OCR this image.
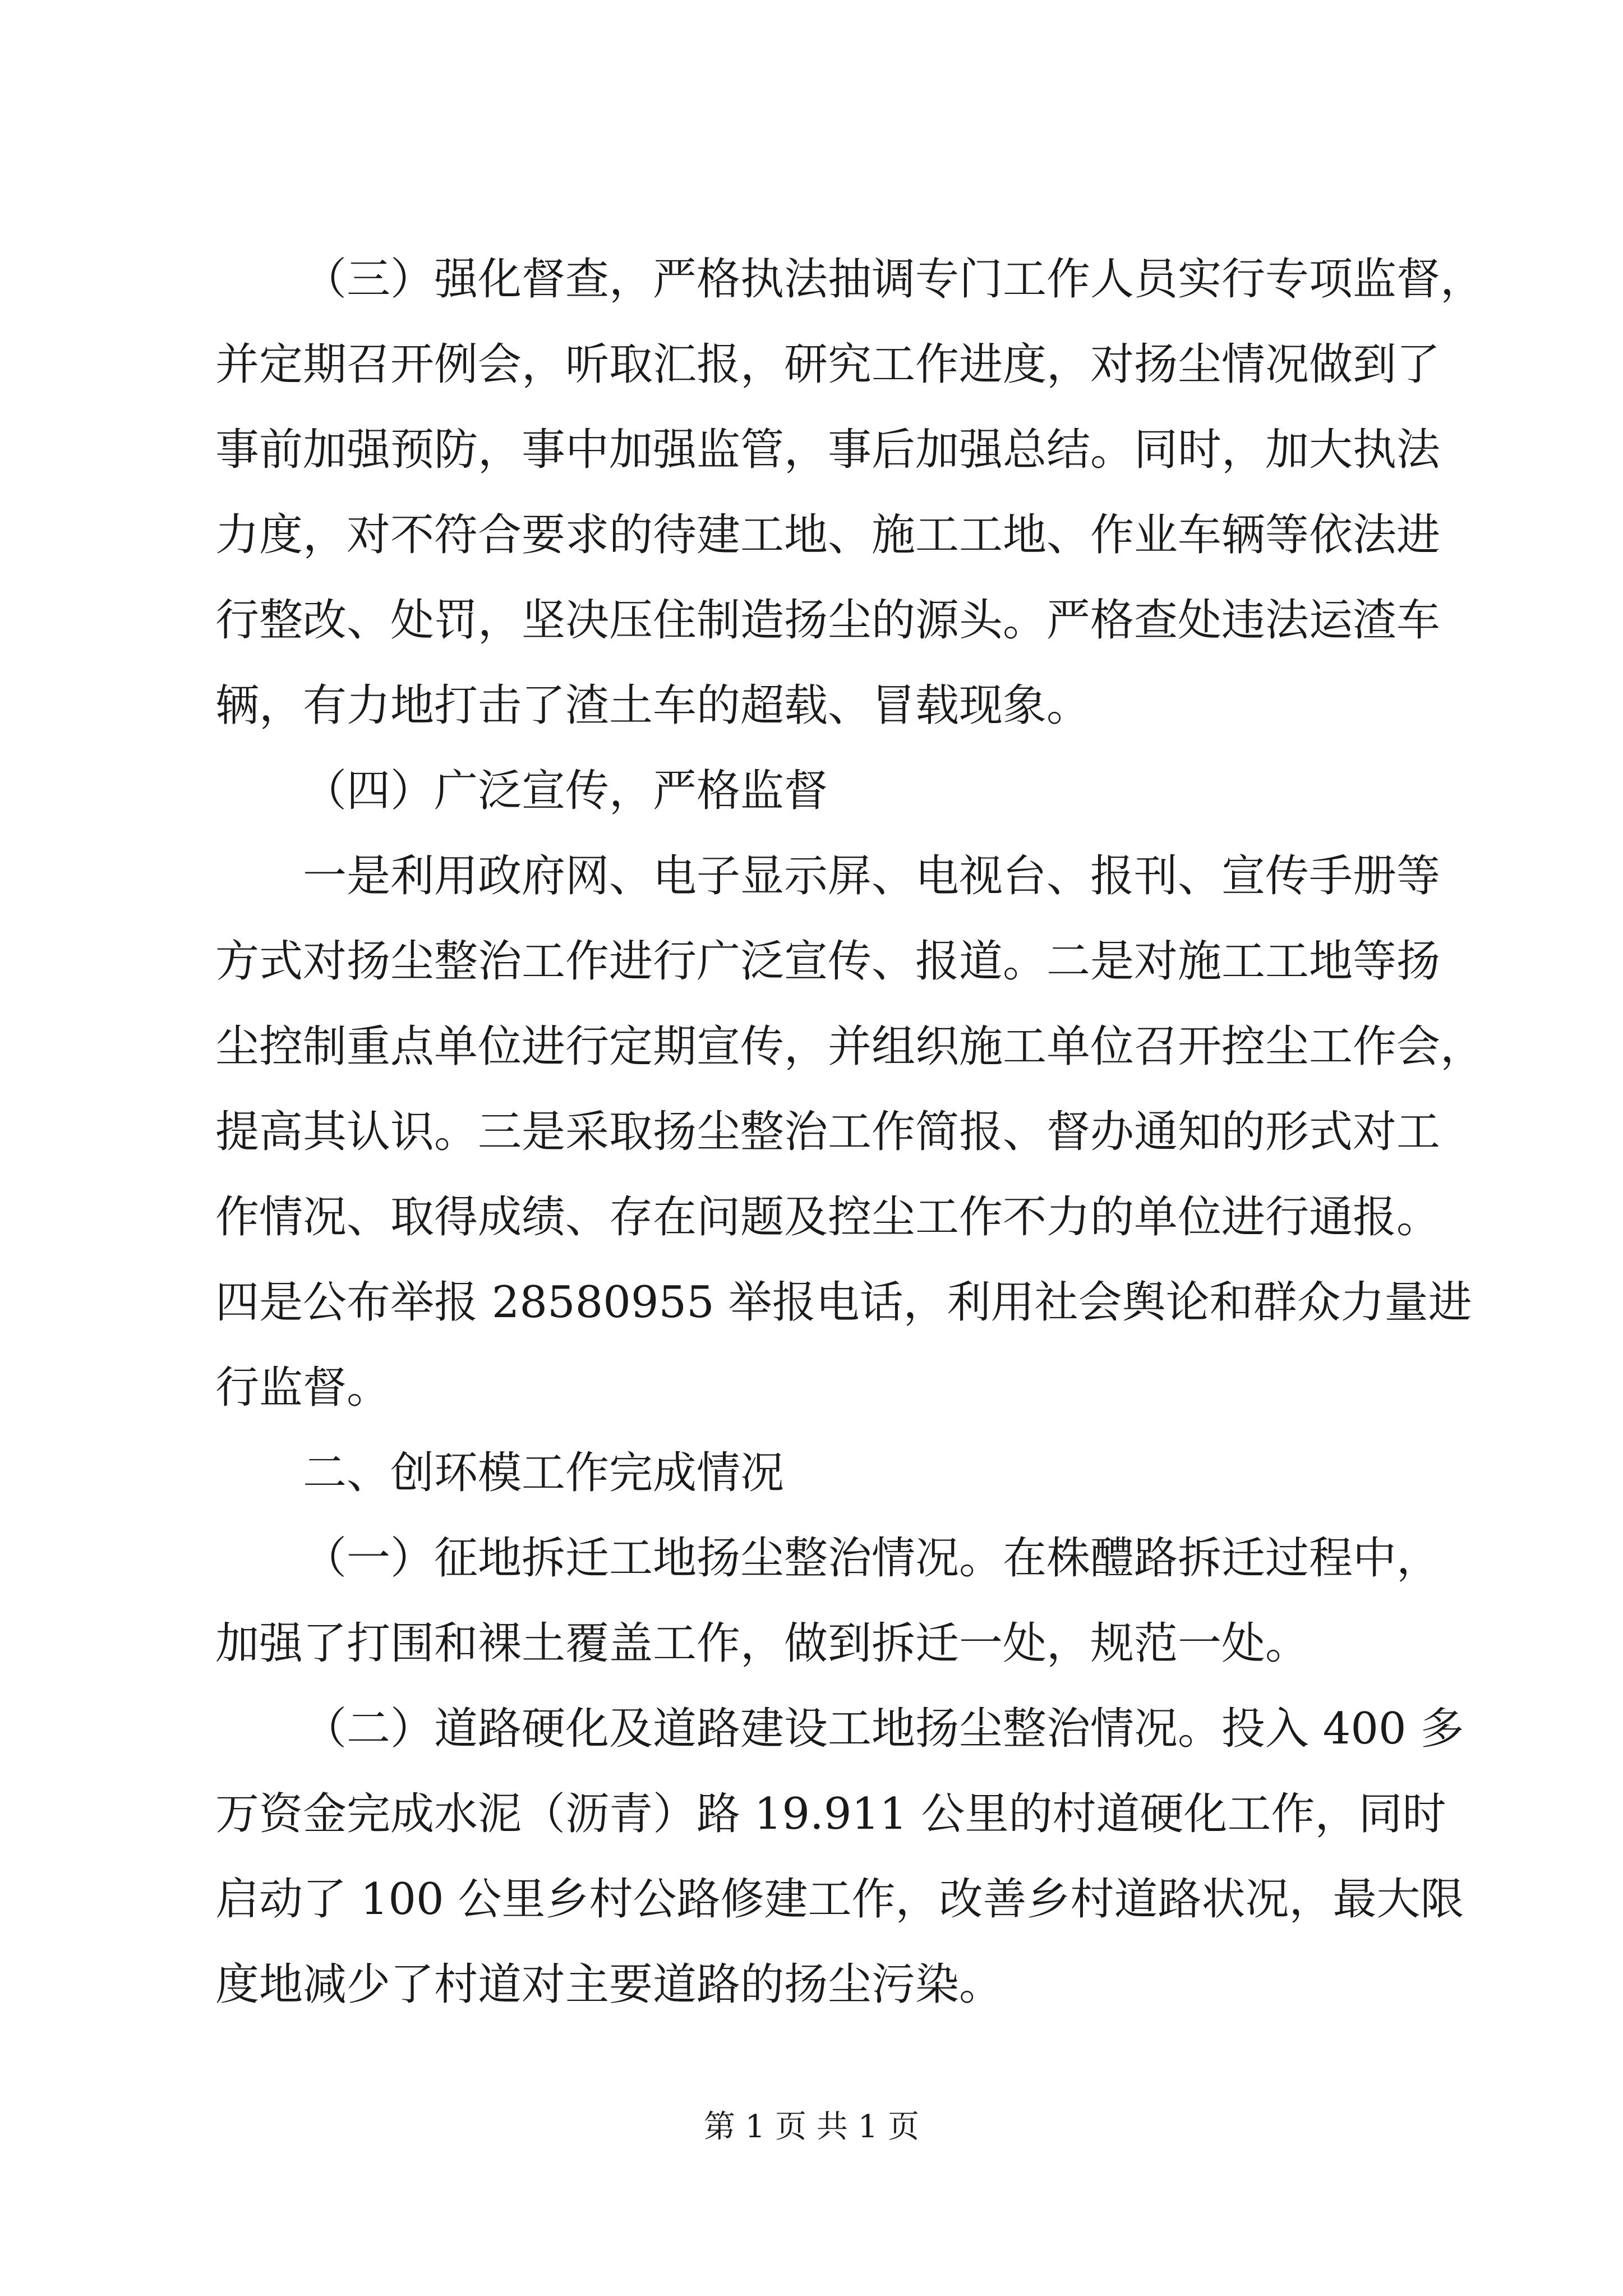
（三）强化督查，严格执法抽调专门工作人员实行专项监督，
并定期召开例会，听取汇报，研究工作进度，对扬尘情况做到了
事前加强预防，事中加强监管，事后加强总结。同时，加大执法
力度，对不符合要求的待建工地、施工工地、作业车辆等依法进
行整改、处罚，坚决压住制造扬尘的源头。严格查处违法运渣车
辆，有力地打击了渣土车的超载、冒载现象。
（四）广泛宣传，严格监督
一是利用政府网、电子显示屏、电视台、报刊、宣传手册等
方式对扬尘整治工作进行广泛宣传、报道。二是对施工工地等扬
尘控制重点单位进行定期宣传，并组织施工单位召开控尘工作会，
提高其认识。三是采取扬尘整治工作简报、督办通知的形式对工
作情况、取得成绩、存在问题及控尘工作不力的单位进行通报。
四是公布举报 28580955 举报电话，利用社会舆论和群众力量进
行监督。
二、创环模工作完成情况
（一）征地拆迁工地扬尘整治情况。在株醴路拆迁过程中，
加强了打围和裸土覆盖工作，做到拆迁一处，规范一处。
（二）道路硬化及道路建设工地扬尘整治情况。投入 400 多
万资金完成水泥（沥青）路 19.911 公里的村道硬化工作，同时
启动了 100 公里乡村公路修建工作，改善乡村道路状况，最大限
度地减少了村道对主要道路的扬尘污染。
第 1 页 共 1 页
